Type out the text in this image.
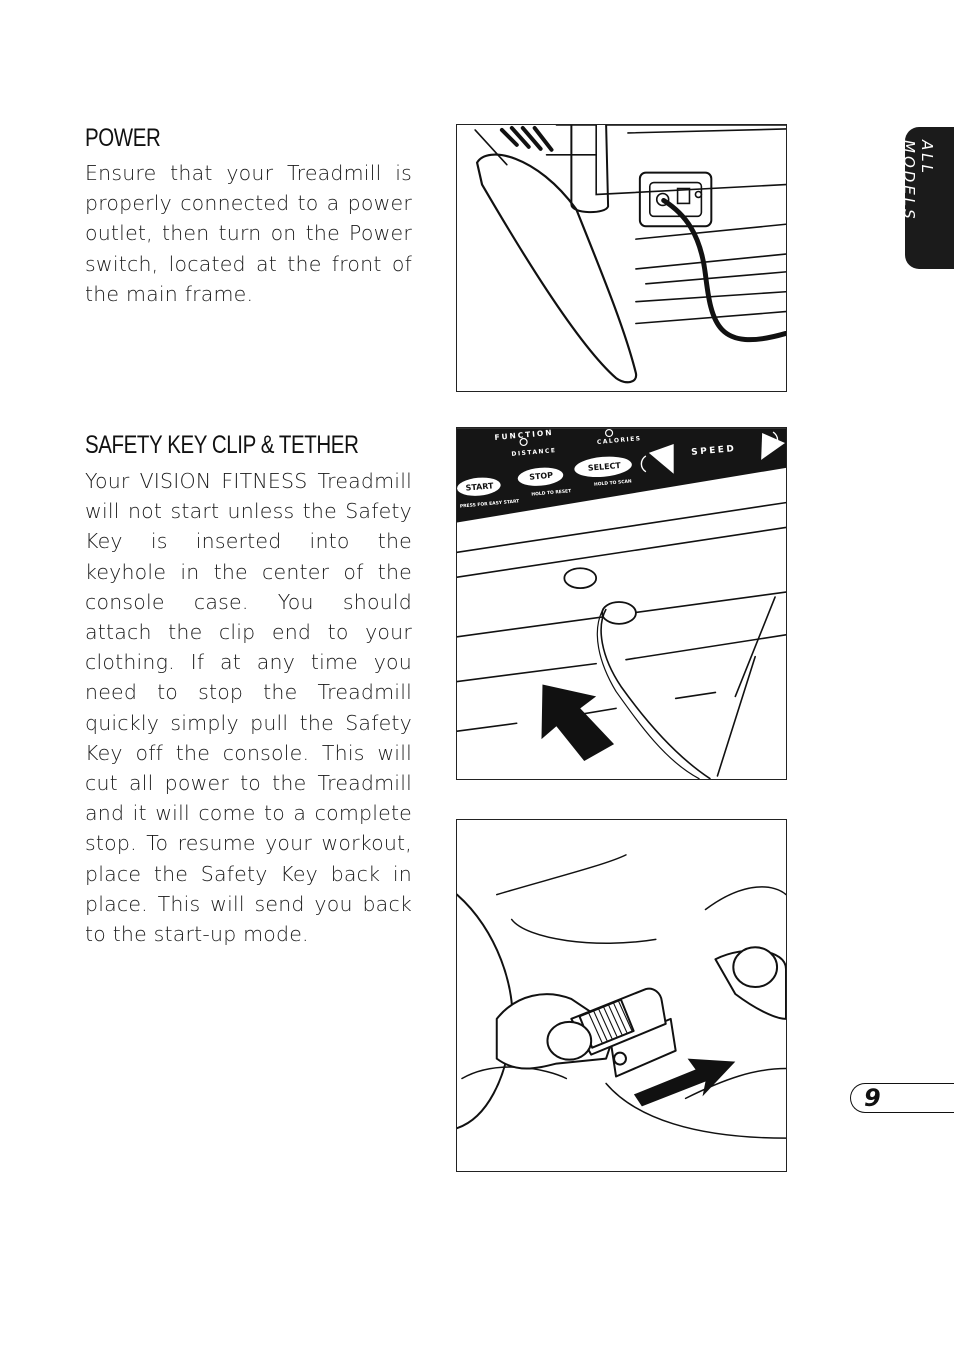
POWER

Ensure that your Treadmill is properly connected to a power outlet, then turn on the Power switch, located at the front of the main frame.

SAFETY KEY CLIP & TETHER

Your VISION FITNESS Treadmill will not start unless the Safety Key is inserted into the keyhole in the center of the console case. You should attach the clip end to your clothing. If at any time you need to stop the Treadmill quickly simply pull the Safety Key off the console. This will cut all power to the Treadmill and it will come to a complete stop. To resume your workout, place the Safety Key back in place. This will send you back to the start-up mode.

FUNCTION
DISTANCE
CALORIES
START
PRESS FOR EASY START
STOP
HOLD TO RESET
SELECT
HOLD TO SCAN
SPEED
ALL MODELS
9
